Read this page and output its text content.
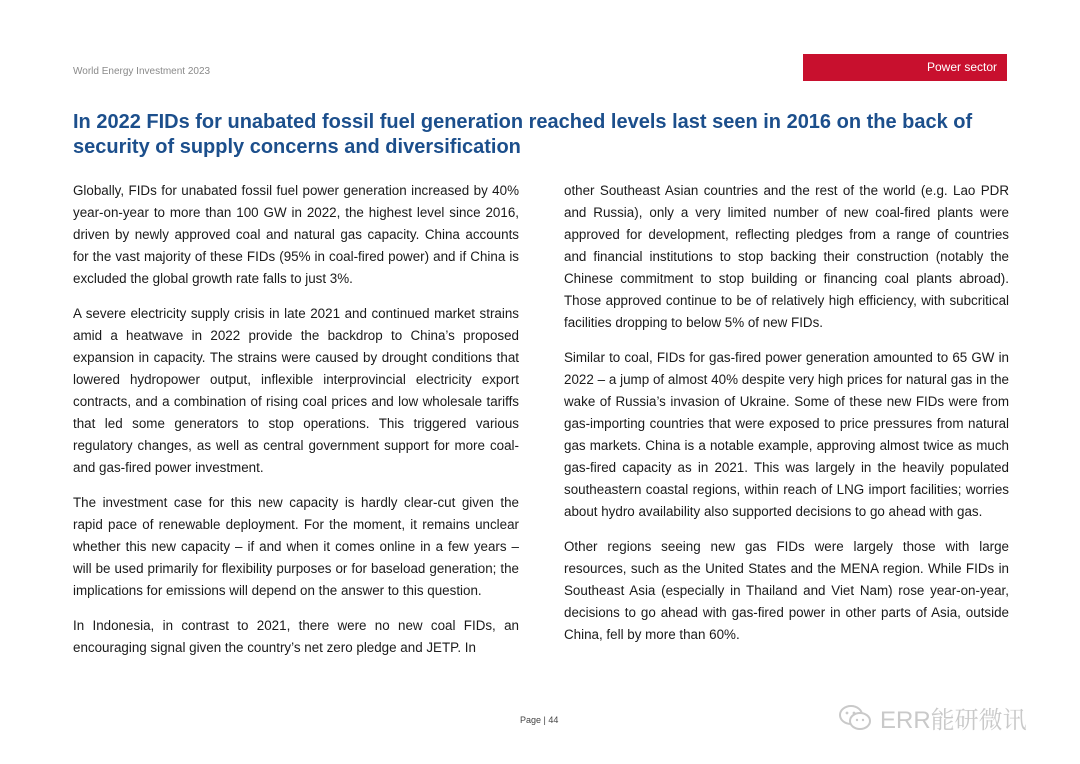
World Energy Investment 2023	Power sector
In 2022 FIDs for unabated fossil fuel generation reached levels last seen in 2016 on the back of security of supply concerns and diversification

Globally, FIDs for unabated fossil fuel power generation increased by 40% year-on-year to more than 100 GW in 2022, the highest level since 2016, driven by newly approved coal and natural gas capacity. China accounts for the vast majority of these FIDs (95% in coal-fired power) and if China is excluded the global growth rate falls to just 3%.

A severe electricity supply crisis in late 2021 and continued market strains amid a heatwave in 2022 provide the backdrop to China’s proposed expansion in capacity. The strains were caused by drought conditions that lowered hydropower output, inflexible interprovincial electricity export contracts, and a combination of rising coal prices and low wholesale tariffs that led some generators to stop operations. This triggered various regulatory changes, as well as central government support for more coal- and gas-fired power investment.

The investment case for this new capacity is hardly clear-cut given the rapid pace of renewable deployment. For the moment, it remains unclear whether this new capacity – if and when it comes online in a few years – will be used primarily for flexibility purposes or for baseload generation; the implications for emissions will depend on the answer to this question.

In Indonesia, in contrast to 2021, there were no new coal FIDs, an encouraging signal given the country’s net zero pledge and JETP. In

other Southeast Asian countries and the rest of the world (e.g. Lao PDR and Russia), only a very limited number of new coal-fired plants were approved for development, reflecting pledges from a range of countries and financial institutions to stop backing their construction (notably the Chinese commitment to stop building or financing coal plants abroad). Those approved continue to be of relatively high efficiency, with subcritical facilities dropping to below 5% of new FIDs.

Similar to coal, FIDs for gas-fired power generation amounted to 65 GW in 2022 – a jump of almost 40% despite very high prices for natural gas in the wake of Russia’s invasion of Ukraine. Some of these new FIDs were from gas-importing countries that were exposed to price pressures from natural gas markets. China is a notable example, approving almost twice as much gas-fired capacity as in 2021. This was largely in the heavily populated southeastern coastal regions, within reach of LNG import facilities; worries about hydro availability also supported decisions to go ahead with gas.

Other regions seeing new gas FIDs were largely those with large resources, such as the United States and the MENA region. While FIDs in Southeast Asia (especially in Thailand and Viet Nam) rose year-on-year, decisions to go ahead with gas-fired power in other parts of Asia, outside China, fell by more than 60%.

Page | 44	ERR能研微讯
